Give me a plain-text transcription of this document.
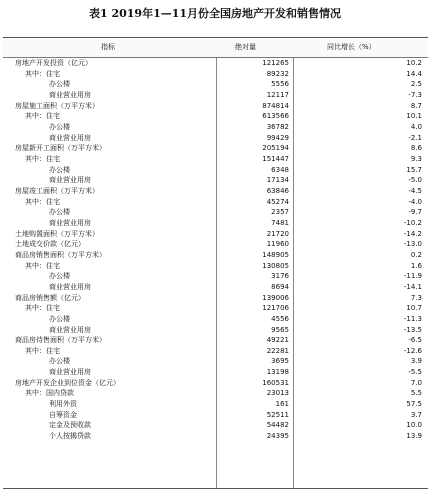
表1 2019年1—11月份全国房地产开发和销售情况
指标	绝对量	同比增长（%）
房地产开发投资（亿元）	121265	10.2
其中：住宅	89232	14.4
办公楼	5556	2.5
商业营业用房	12117	-7.3
房屋施工面积（万平方米）	874814	8.7
其中：住宅	613566	10.1
办公楼	36782	4.0
商业营业用房	99429	-2.1
房屋新开工面积（万平方米）	205194	8.6
其中：住宅	151447	9.3
办公楼	6348	15.7
商业营业用房	17134	-5.0
房屋竣工面积（万平方米）	63846	-4.5
其中：住宅	45274	-4.0
办公楼	2357	-9.7
商业营业用房	7481	-10.2
土地购置面积（万平方米）	21720	-14.2
土地成交价款（亿元）	11960	-13.0
商品房销售面积（万平方米）	148905	0.2
其中：住宅	130805	1.6
办公楼	3176	-11.9
商业营业用房	8694	-14.1
商品房销售额（亿元）	139006	7.3
其中：住宅	121706	10.7
办公楼	4556	-11.3
商业营业用房	9565	-13.5
商品房待售面积（万平方米）	49221	-6.5
其中：住宅	22281	-12.6
办公楼	3695	3.9
商业营业用房	13198	-5.5
房地产开发企业到位资金（亿元）	160531	7.0
其中：国内贷款	23013	5.5
利用外资	161	57.5
自筹资金	52511	3.7
定金及预收款	54482	10.0
个人按揭贷款	24395	13.9
